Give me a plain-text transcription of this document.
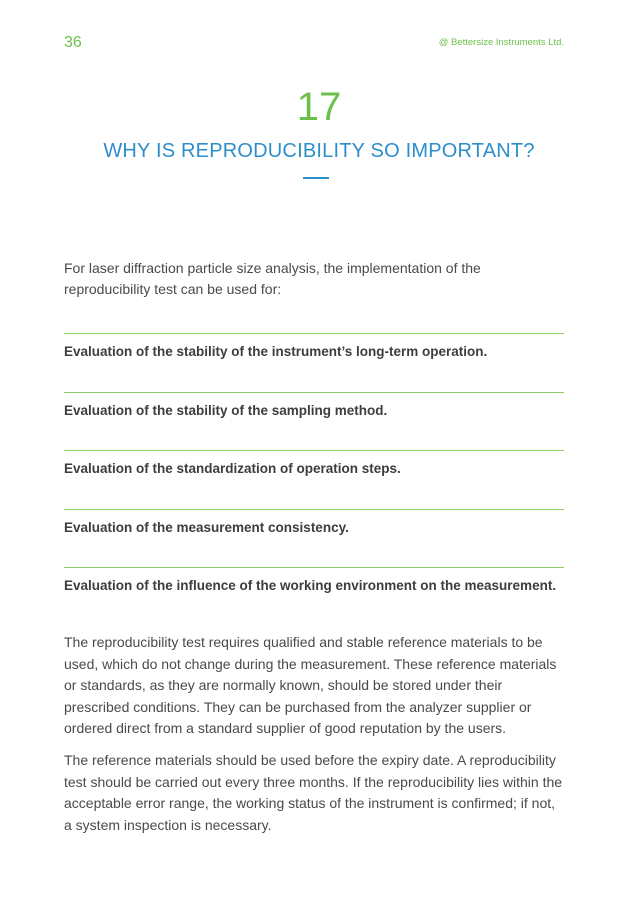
36	@ Bettersize Instruments Ltd.
17
WHY IS REPRODUCIBILITY SO IMPORTANT?
For laser diffraction particle size analysis, the implementation of the reproducibility test can be used for:
Evaluation of the stability of the instrument’s long-term operation.
Evaluation of the stability of the sampling method.
Evaluation of the standardization of operation steps.
Evaluation of the measurement consistency.
Evaluation of the influence of the working environment on the measurement.

The reproducibility test requires qualified and stable reference materials to be used, which do not change during the measurement. These reference materials or standards, as they are normally known, should be stored under their prescribed conditions. They can be purchased from the analyzer supplier or ordered direct from a standard supplier of good reputation by the users.

The reference materials should be used before the expiry date. A reproducibility test should be carried out every three months. If the reproducibility lies within the acceptable error range, the working status of the instrument is confirmed; if not, a system inspection is necessary.
